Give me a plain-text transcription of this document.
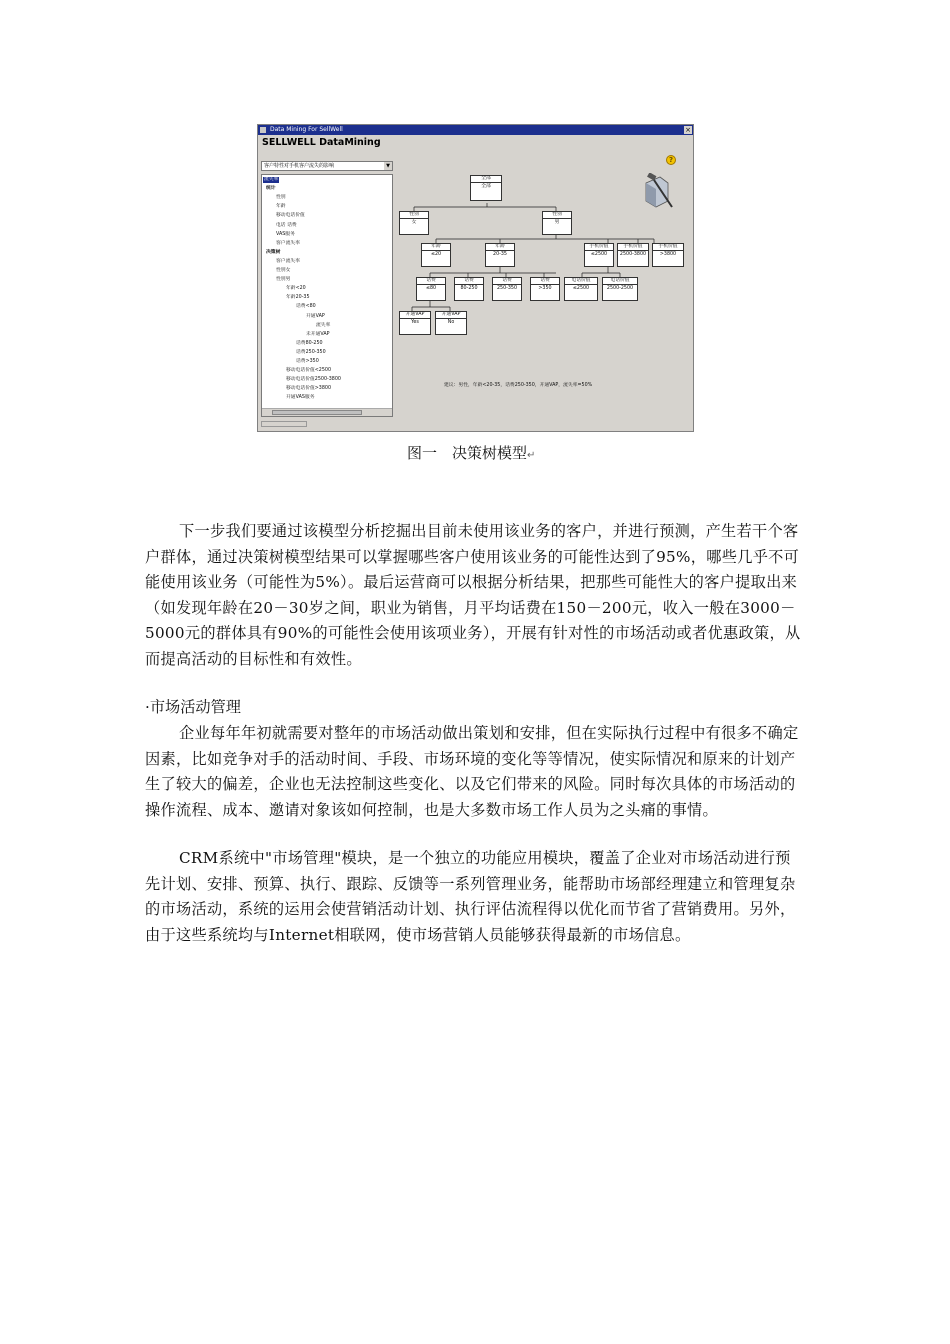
Data Mining For SellWell	×
SELLWELL DataMining
客户特性对手机客户流失的影响	▼
流失率
统计
性别
年龄
移动电话价值
电话 话费
VAS服务
客户流失率
决策树
客户流失率
性别女
性别男
年龄<20
年龄20-35
话费<80
开通VAP
流失率
未开通VAP
话费80-250
话费250-350
话费>350
移动电话价值<2500
移动电话价值2500-3800
移动电话价值>3800
开通VAS服务
?
全部
全部
性别
女
性别
男
年龄
≤20
年龄
20-35
手机价值
≤2500
手机价值
2500-3800
手机价值
>3800
话费
≤80
话费
80-250
话费
250-350
话费
>350
电话价值
≤2500
电话价值
2500-2500
开通VAP
Yes
开通VAP
No
建议：男性，年龄<20-35，话费250-350，开通VAP，流失率=50%
图一　决策树模型↵
下一步我们要通过该模型分析挖掘出目前未使用该业务的客户，并进行预测，产生若干个客户群体，通过决策树模型结果可以掌握哪些客户使用该业务的可能性达到了95%，哪些几乎不可能使用该业务（可能性为5%）。最后运营商可以根据分析结果，把那些可能性大的客户提取出来（如发现年龄在20－30岁之间，职业为销售，月平均话费在150－200元，收入一般在3000－5000元的群体具有90%的可能性会使用该项业务），开展有针对性的市场活动或者优惠政策，从而提高活动的目标性和有效性。
·市场活动管理
企业每年年初就需要对整年的市场活动做出策划和安排，但在实际执行过程中有很多不确定因素，比如竞争对手的活动时间、手段、市场环境的变化等等情况，使实际情况和原来的计划产生了较大的偏差，企业也无法控制这些变化、以及它们带来的风险。同时每次具体的市场活动的操作流程、成本、邀请对象该如何控制，也是大多数市场工作人员为之头痛的事情。
CRM系统中"市场管理"模块，是一个独立的功能应用模块，覆盖了企业对市场活动进行预先计划、安排、预算、执行、跟踪、反馈等一系列管理业务，能帮助市场部经理建立和管理复杂的市场活动，系统的运用会使营销活动计划、执行评估流程得以优化而节省了营销费用。另外，由于这些系统均与Internet相联网，使市场营销人员能够获得最新的市场信息。
